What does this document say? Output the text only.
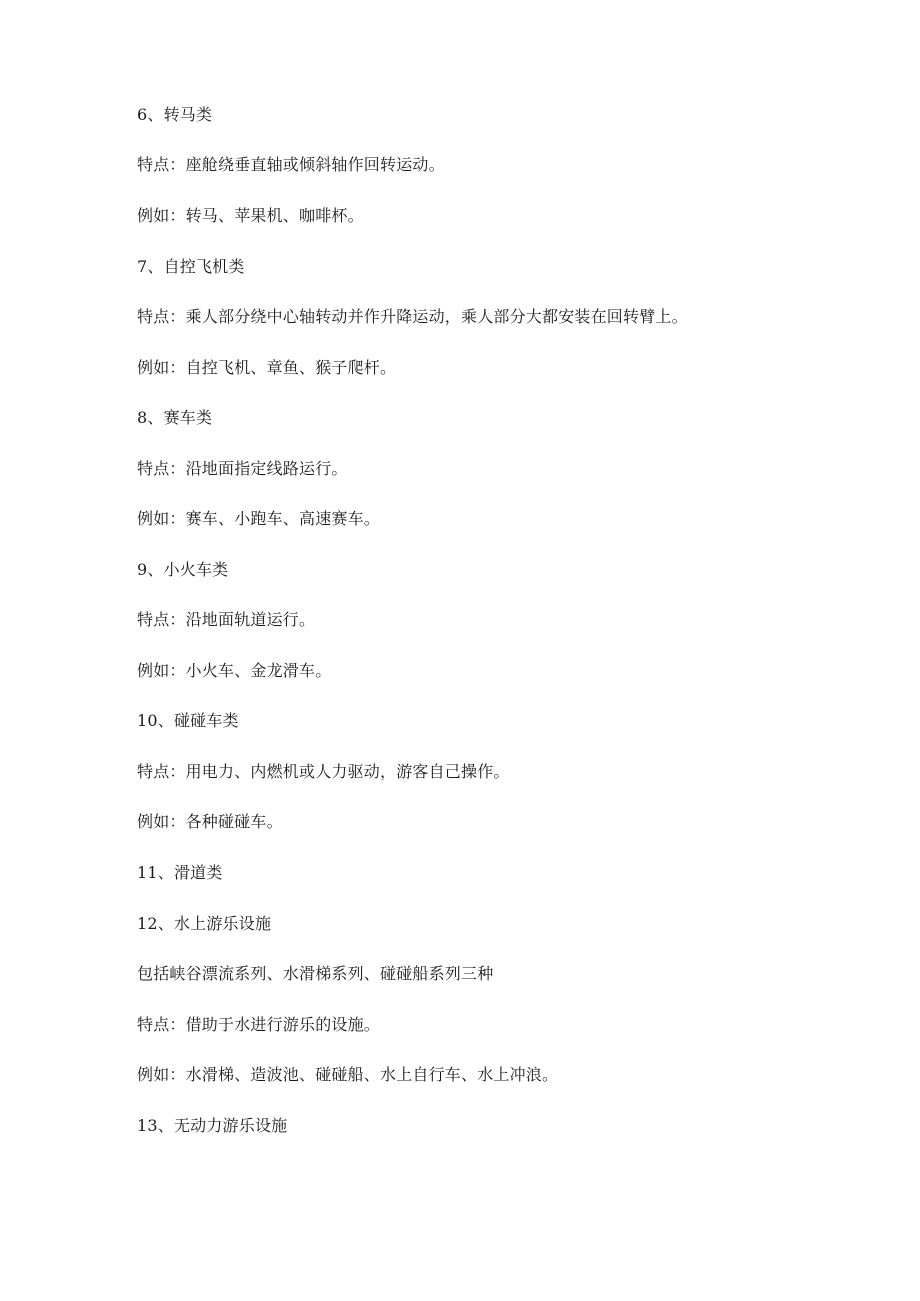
6、转马类
特点：座舱绕垂直轴或倾斜轴作回转运动。
例如：转马、苹果机、咖啡杯。
7、自控飞机类
特点：乘人部分绕中心轴转动并作升降运动，乘人部分大都安装在回转臂上。
例如：自控飞机、章鱼、猴子爬杆。
8、赛车类
特点：沿地面指定线路运行。
例如：赛车、小跑车、高速赛车。
9、小火车类
特点：沿地面轨道运行。
例如：小火车、金龙滑车。
10、碰碰车类
特点：用电力、内燃机或人力驱动，游客自己操作。
例如：各种碰碰车。
11、滑道类
12、水上游乐设施
包括峡谷漂流系列、水滑梯系列、碰碰船系列三种
特点：借助于水进行游乐的设施。
例如：水滑梯、造波池、碰碰船、水上自行车、水上冲浪。
13、无动力游乐设施
